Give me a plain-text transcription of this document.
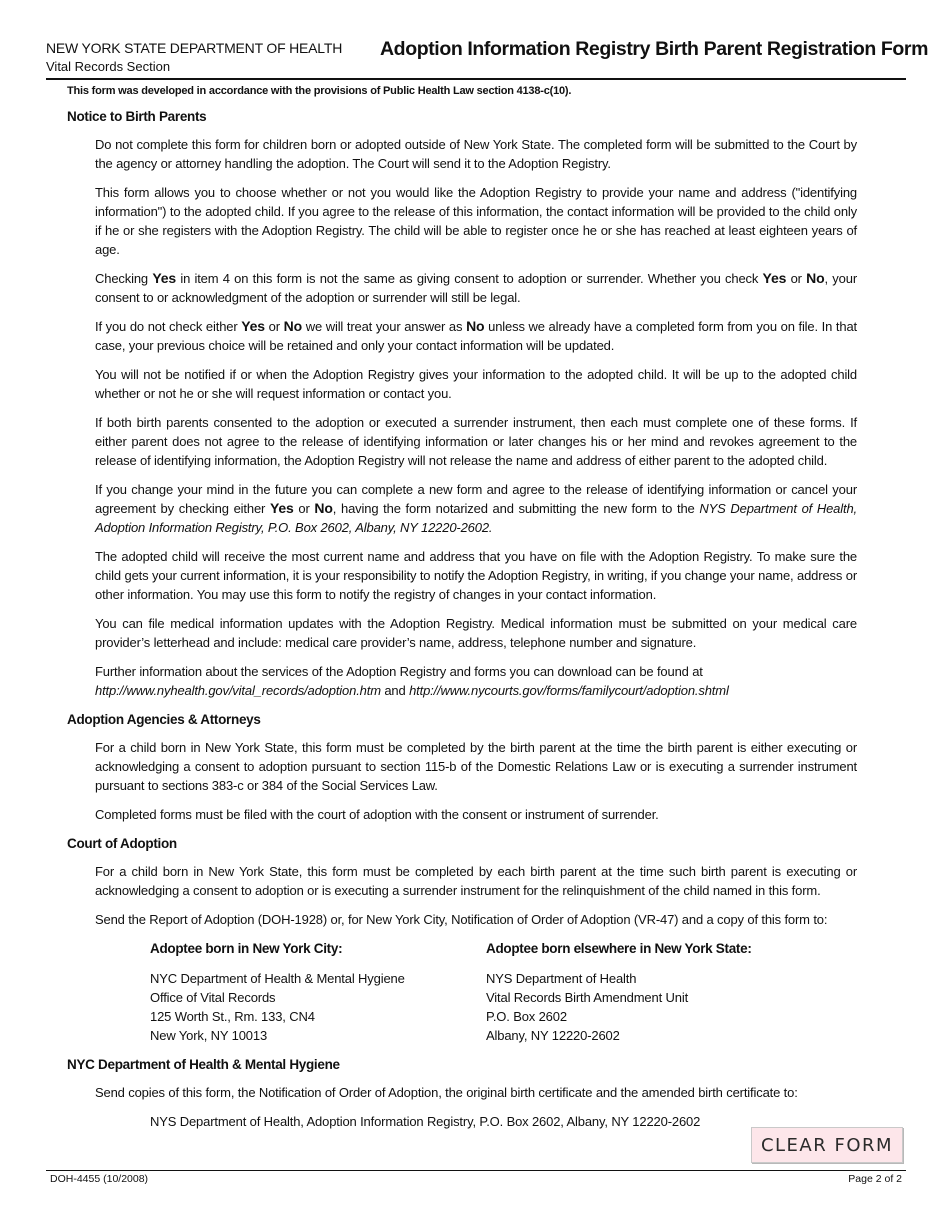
NEW YORK STATE DEPARTMENT OF HEALTH
Vital Records Section
Adoption Information Registry Birth Parent Registration Form
This form was developed in accordance with the provisions of Public Health Law section 4138-c(10).
Notice to Birth Parents

Do not complete this form for children born or adopted outside of New York State. The completed form will be submitted to the Court by the agency or attorney handling the adoption. The Court will send it to the Adoption Registry.

This form allows you to choose whether or not you would like the Adoption Registry to provide your name and address ("identifying information") to the adopted child. If you agree to the release of this information, the contact information will be provided to the child only if he or she registers with the Adoption Registry. The child will be able to register once he or she has reached at least eighteen years of age.

Checking Yes in item 4 on this form is not the same as giving consent to adoption or surrender. Whether you check Yes or No, your consent to or acknowledgment of the adoption or surrender will still be legal.

If you do not check either Yes or No we will treat your answer as No unless we already have a completed form from you on file. In that case, your previous choice will be retained and only your contact information will be updated.

You will not be notified if or when the Adoption Registry gives your information to the adopted child. It will be up to the adopted child whether or not he or she will request information or contact you.

If both birth parents consented to the adoption or executed a surrender instrument, then each must complete one of these forms. If either parent does not agree to the release of identifying information or later changes his or her mind and revokes agreement to the release of identifying information, the Adoption Registry will not release the name and address of either parent to the adopted child.

If you change your mind in the future you can complete a new form and agree to the release of identifying information or cancel your agreement by checking either Yes or No, having the form notarized and submitting the new form to the NYS Department of Health, Adoption Information Registry, P.O. Box 2602, Albany, NY 12220-2602.

The adopted child will receive the most current name and address that you have on file with the Adoption Registry. To make sure the child gets your current information, it is your responsibility to notify the Adoption Registry, in writing, if you change your name, address or other information. You may use this form to notify the registry of changes in your contact information.

You can file medical information updates with the Adoption Registry. Medical information must be submitted on your medical care provider’s letterhead and include: medical care provider’s name, address, telephone number and signature.

Further information about the services of the Adoption Registry and forms you can download can be found at
http://www.nyhealth.gov/vital_records/adoption.htm and http://www.nycourts.gov/forms/familycourt/adoption.shtml

Adoption Agencies & Attorneys

For a child born in New York State, this form must be completed by the birth parent at the time the birth parent is either executing or acknowledging a consent to adoption pursuant to section 115-b of the Domestic Relations Law or is executing a surrender instrument pursuant to sections 383-c or 384 of the Social Services Law.

Completed forms must be filed with the court of adoption with the consent or instrument of surrender.

Court of Adoption

For a child born in New York State, this form must be completed by each birth parent at the time such birth parent is executing or acknowledging a consent to adoption or is executing a surrender instrument for the relinquishment of the child named in this form.

Send the Report of Adoption (DOH-1928) or, for New York City, Notification of Order of Adoption (VR-47) and a copy of this form to:

Adoptee born in New York City:
NYC Department of Health & Mental Hygiene
Office of Vital Records
125 Worth St., Rm. 133, CN4
New York, NY 10013
Adoptee born elsewhere in New York State:
NYS Department of Health
Vital Records Birth Amendment Unit
P.O. Box 2602
Albany, NY 12220-2602
NYC Department of Health & Mental Hygiene

Send copies of this form, the Notification of Order of Adoption, the original birth certificate and the amended birth certificate to:

NYS Department of Health, Adoption Information Registry, P.O. Box 2602, Albany, NY 12220-2602
CLEAR FORM
DOH-4455 (10/2008)	Page 2 of 2
